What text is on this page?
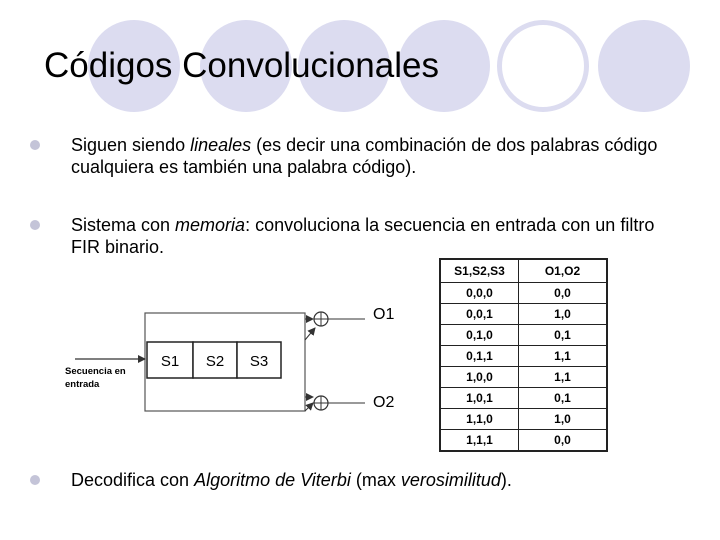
Códigos Convolucionales
Siguen siendo lineales (es decir una combinación de dos palabras código cualquiera es también una palabra código).
Sistema con memoria: convoluciona la secuencia en entrada con un filtro FIR binario.
Decodifica con Algoritmo de Viterbi (max verosimilitud).
S1 S2 S3
Secuencia en
entrada
O1
O2
S1,S2,S3	O1,O2
0,0,0	0,0
0,0,1	1,0
0,1,0	0,1
0,1,1	1,1
1,0,0	1,1
1,0,1	0,1
1,1,0	1,0
1,1,1	0,0
